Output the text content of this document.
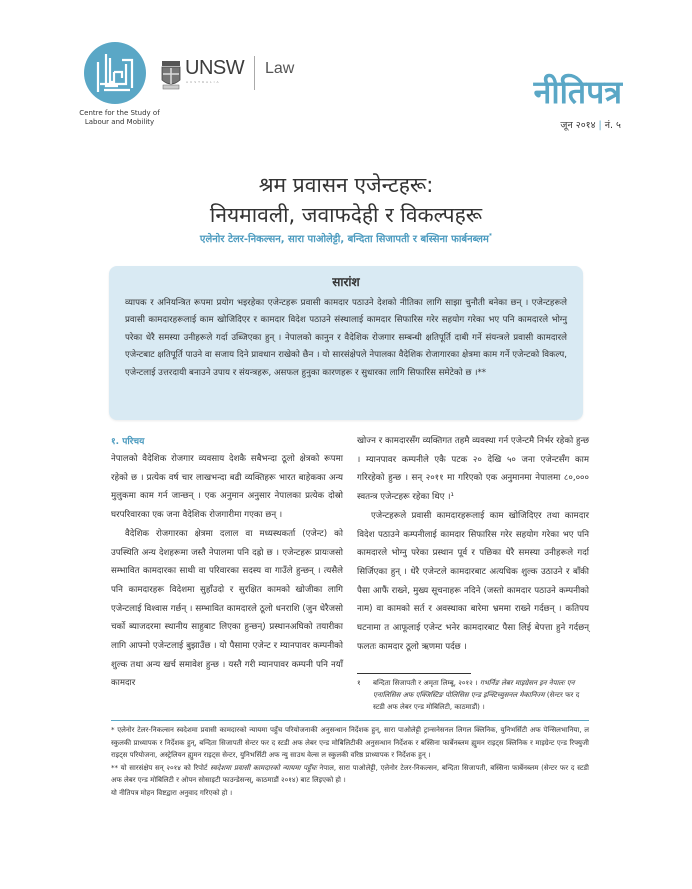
Centre for the Study of
Labour and Mobility
UNSW
AUSTRALIA
Law
नीतिपत्र
जून २०१४ | नं. ५
श्रम प्रवासन एजेन्टहरू:
नियमावली, जवाफदेही र विकल्पहरू
एलेनोर टेलर-निकल्सन, सारा पाओलेट्टी, बन्दिता सिजापती र बस्सिना फार्बनब्लम*
सारांश
व्यापक र अनियन्त्रित रूपमा प्रयोग भइरहेका एजेन्टहरू प्रवासी कामदार पठाउने देशको नीतिका लागि साझा चुनौती बनेका छन् । एजेन्टहरूले प्रवासी कामदारहरूलाई काम खोजिदिएर र कामदार विदेश पठाउने संस्थालाई कामदार सिफारिस गरेर सहयोग गरेका भए पनि कामदारले भोग्नु परेका धेरै समस्या उनीहरूले गर्दा उब्जिएका हुन् । नेपालको कानुन र वैदेशिक रोजगार सम्बन्धी क्षतिपूर्ति दाबी गर्ने संयन्त्रले प्रवासी कामदारले एजेन्टबाट क्षतिपूर्ति पाउने वा सजाय दिने प्रावधान राखेको छैन । यो सारसंक्षेपले नेपालका वैदेशिक रोजागारका क्षेत्रमा काम गर्ने एजेन्टको विकल्प, एजेन्टलाई उत्तरदायी बनाउने उपाय र संयन्त्रहरू, असफल हुनुका कारणहरू र सुधारका लागि सिफारिस समेटेको छ ।**
१. परिचय

नेपालको वैदेशिक रोजगार व्यवसाय देशकै सबैभन्दा ठूलो क्षेत्रको रूपमा रहेको छ । प्रत्येक वर्ष चार लाखभन्दा बढी व्यक्तिहरू भारत बाहेकका अन्य मुलुकमा काम गर्न जान्छन् । एक अनुमान अनुसार नेपालका प्रत्येक दोस्रो घरपरिवारका एक जना वैदेशिक रोजगारीमा गएका छन् ।

वैदेशिक रोजगारका क्षेत्रमा दलाल वा मध्यस्थकर्ता (एजेन्ट) को उपस्थिति अन्य देशहरूमा जस्तै नेपालमा पनि दह्रो छ । एजेन्टहरू प्रायःजसो सम्भावित कामदारका साथी वा परिवारका सदस्य वा गाउँले हुन्छन् । त्यसैले पनि कामदारहरू विदेशमा सुहाँउदो र सुरक्षित कामको खोजीका लागि एजेन्टलाई विश्वास गर्छन् । सम्भावित कामदारले ठूलो धनराशि (जुन धेरैजसो चर्को ब्याजदरमा स्थानीय साहुबाट लिएका हुन्छन्) प्रस्थानअघिको तयारीका लागि आफ्नो एजेन्टलाई बुझाउँछ । यो पैसामा एजेन्ट र म्यानपावर कम्पनीको शुल्क तथा अन्य खर्च समावेश हुन्छ । यस्तै गरी म्यानपावर कम्पनी पनि नयाँ कामदार

खोज्न र कामदारसँग व्यक्तिगत तहमै व्यवस्था गर्न एजेन्टमै निर्भर रहेको हुन्छ । म्यानपावर कम्पनीले एकै पटक २० देखि ५० जना एजेन्टसँग काम गरिरहेको हुन्छ । सन् २०११ मा गरिएको एक अनुमानमा नेपालमा ८०,००० स्वतन्त्र एजेन्टहरू रहेका थिए ।¹

एजेन्टहरूले प्रवासी कामदारहरूलाई काम खोजिदिएर तथा कामदार विदेश पठाउने कम्पनीलाई कामदार सिफारिस गरेर सहयोग गरेका भए पनि कामदारले भोग्नु परेका प्रस्थान पूर्व र पछिका धेरै समस्या उनीहरूले गर्दा सिर्जिएका हुन् । धेरै एजेन्टले कामदारबाट अत्यधिक शुल्क उठाउने र बाँकी पैसा आफैं राख्ने, मुख्य सूचनाहरू नदिने (जस्तो कामदार पठाउने कम्पनीको नाम) वा कामको सर्त र अवस्थाका बारेमा भ्रममा राख्ने गर्दछन् । कतिपय घटनामा त आफूलाई एजेन्ट भनेर कामदारबाट पैसा लिई बेपत्ता हुने गर्दछन् फलतः कामदार ठूलो ऋणमा पर्दछ ।

१ बन्दिता सिजापती र अमृता लिम्बू, २०१२ । गभर्निङ लेबर माइग्रेसन इन नेपालः एन एनालिसिस अफ एक्जिस्टिङ पोलिसिस एन्ड इन्स्टिच्युसनल मेकानिज्म (सेन्टर फर द स्टडी अफ लेबर एन्ड मोबिलिटी, काठमाडौं) ।

* एलेनोर टेलर-निकल्सन स्वदेशमा प्रवासी कामदारको न्यायमा पहुँच परियोजनाकी अनुसन्धान निर्देशक हुन्, सारा पाओलेट्टी ट्रान्सनेसनल लिगल क्लिनिक, युनिभर्सिटी अफ पेन्सिलभानिया, ल स्कुलकी प्राध्यापक र निर्देशक हुन्, बन्दिता सिजापती सेन्टर फर द स्टडी अफ लेबर एन्ड मोबिलिटीकी अनुसन्धान निर्देशक र बस्सिना फार्बेनब्लम ह्युमन राइट्स क्लिनिक र माइग्रेन्ट एन्ड रिफ्युजी राइट्स परियोजना, अस्ट्रेलियन ह्युमन राइट्स सेन्टर, युनिभर्सिटी अफ न्यु साउथ वेल्स ल स्कुलकी वरिष्ठ प्राध्यापक र निर्देशक हुन् ।

** यो सारसंक्षेप सन् २०१४ को रिपोर्ट स्वदेशमा प्रवासी कामदारको न्यायमा पहुँचः नेपाल, सारा पाओलेट्टी, एलेनोर टेलर-निकल्सन, बन्दिता सिजापती, बस्सिना फार्बेनब्लम (सेन्टर फर द स्टडी अफ लेबर एन्ड मोबिलिटी र ओपन सोसाइटी फाउन्डेसन्स्, काठमाडौं २०१४) बाट लिइएको हो ।

यो नीतिपत्र मोहन विष्टद्वारा अनुवाद गरिएको हो ।
